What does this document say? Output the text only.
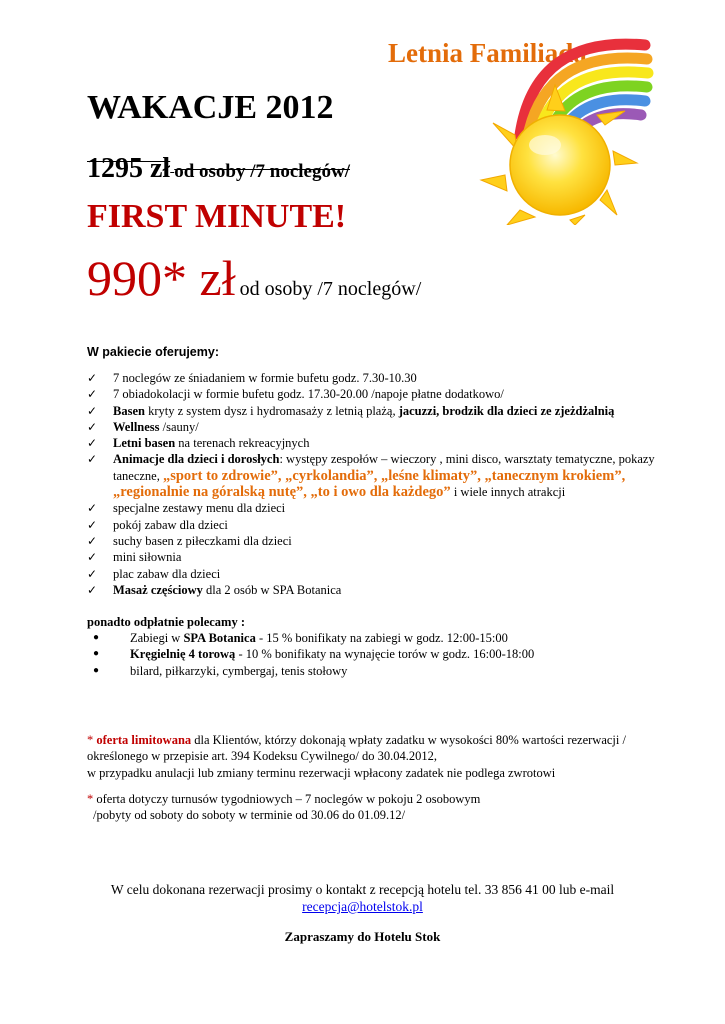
Letnia Familiada
WAKACJE 2012
1295 zł od osoby /7 noclegów/
FIRST MINUTE!
990* zł od osoby /7 noclegów/
W pakiecie oferujemy:
✓ 7 noclegów ze śniadaniem w formie bufetu godz. 7.30-10.30
✓ 7 obiadokolacji w formie bufetu godz. 17.30-20.00 /napoje płatne dodatkowo/
✓ Basen kryty z system dysz i hydromasaży z letnią plażą, jacuzzi, brodzik dla dzieci ze zjeżdżalnią
✓ Wellness /sauny/
✓ Letni basen na terenach rekreacyjnych
✓ Animacje dla dzieci i dorosłych: występy zespołów – wieczory , mini disco, warsztaty tematyczne, pokazy taneczne, „sport to zdrowie”, „cyrkolandia”, „leśne klimaty”, „tanecznym krokiem”, „regionalnie na góralską nutę”, „to i owo dla każdego” i wiele innych atrakcji
✓ specjalne zestawy menu dla dzieci
✓ pokój zabaw dla dzieci
✓ suchy basen z piłeczkami dla dzieci
✓ mini siłownia
✓ plac zabaw dla dzieci
✓ Masaż częściowy dla 2 osób w SPA Botanica
ponadto odpłatnie polecamy :
● Zabiegi w SPA Botanica - 15 % bonifikaty na zabiegi w godz. 12:00-15:00
● Kręgielnię 4 torową - 10 % bonifikaty na wynajęcie torów w godz. 16:00-18:00
● bilard, piłkarzyki, cymbergaj, tenis stołowy
* oferta limitowana dla Klientów, którzy dokonają wpłaty zadatku w wysokości 80% wartości rezerwacji / określonego w przepisie art. 394 Kodeksu Cywilnego/ do 30.04.2012,
w przypadku anulacji lub zmiany terminu rezerwacji wpłacony zadatek nie podlega zwrotowi
* oferta dotyczy turnusów tygodniowych – 7 noclegów w pokoju 2 osobowym
/pobyty od soboty do soboty w terminie od 30.06 do 01.09.12/
W celu dokonana rezerwacji prosimy o kontakt z recepcją hotelu tel. 33 856 41 00 lub e-mail
recepcja@hotelstok.pl
Zapraszamy do Hotelu Stok
